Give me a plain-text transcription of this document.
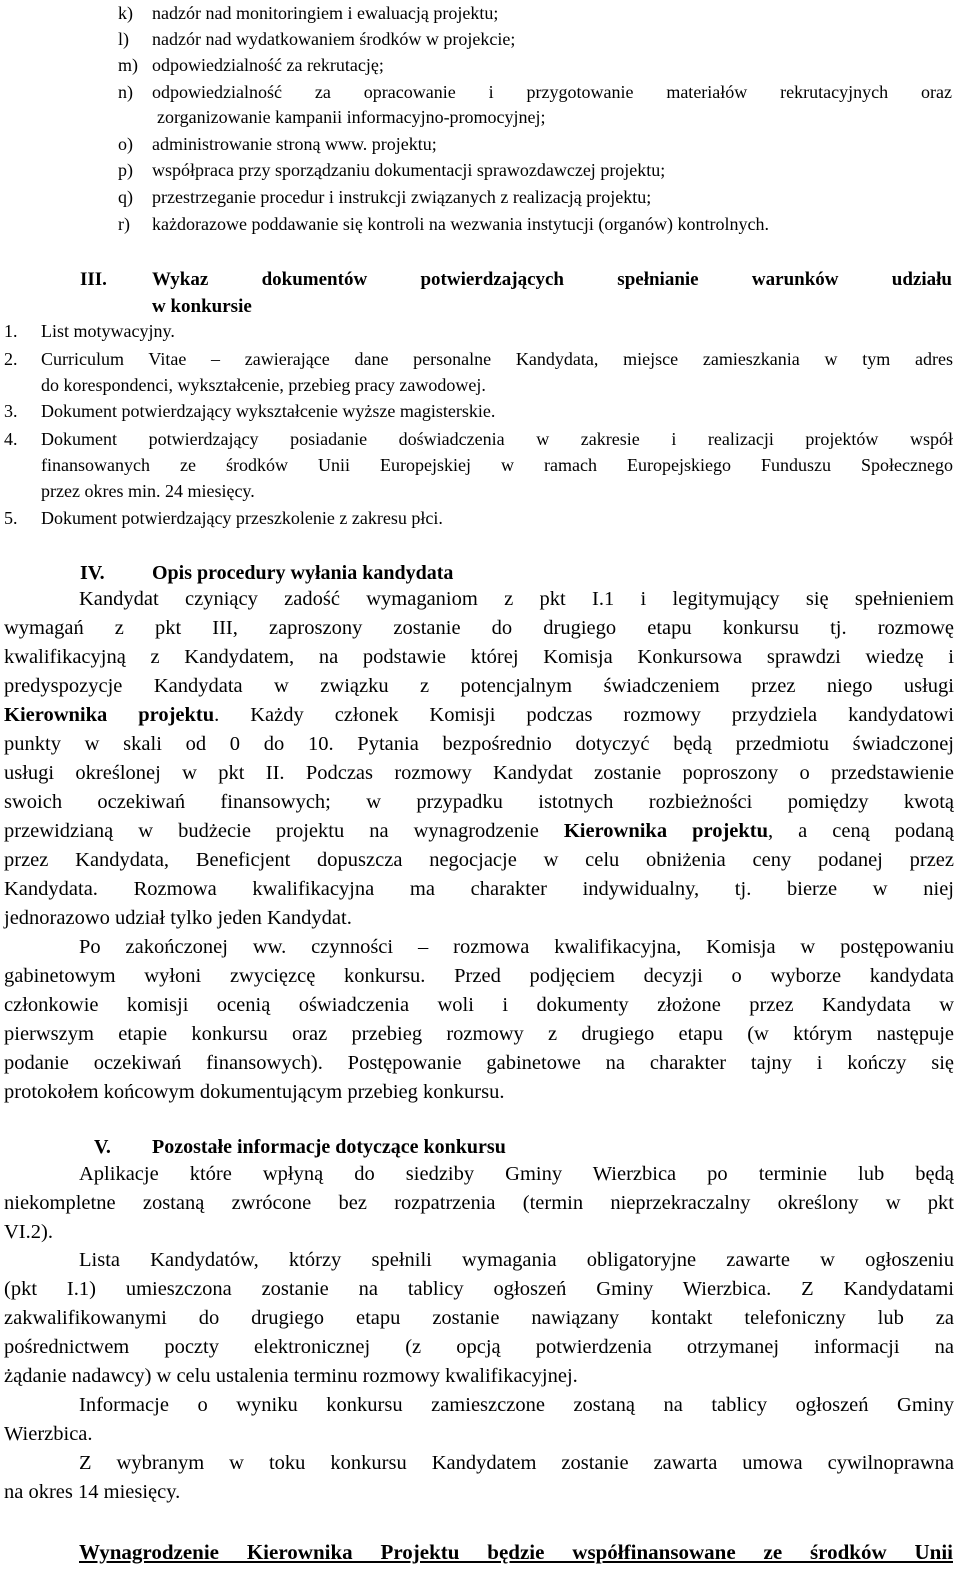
k) nadzór nad monitoringiem i ewaluacją projektu;
l) nadzór nad wydatkowaniem środków w projekcie;
m) odpowiedzialność za rekrutację;
n) odpowiedzialność za opracowanie i przygotowanie materiałów rekrutacyjnych oraz
zorganizowanie kampanii informacyjno-promocyjnej;
o) administrowanie stroną www. projektu;
p) współpraca przy sporządzaniu dokumentacji sprawozdawczej projektu;
q) przestrzeganie procedur i instrukcji związanych z realizacją projektu;
r) każdorazowe poddawanie się kontroli na wezwania instytucji (organów) kontrolnych.
III. Wykaz dokumentów potwierdzających spełnianie warunków udziału
w konkursie
1. List motywacyjny.
2. Curriculum Vitae – zawierające dane personalne Kandydata, miejsce zamieszkania w tym adres
do korespondenci, wykształcenie, przebieg pracy zawodowej.
3. Dokument potwierdzający wykształcenie wyższe magisterskie.
4. Dokument potwierdzający posiadanie doświadczenia w zakresie i realizacji projektów współ
finansowanych ze środków Unii Europejskiej w ramach Europejskiego Funduszu Społecznego
przez okres min. 24 miesięcy.
5. Dokument potwierdzający przeszkolenie z zakresu płci.
IV. Opis procedury wyłania kandydata
Kandydat czyniący zadość wymaganiom z pkt I.1 i legitymujący się spełnieniem
wymagań z pkt III, zaproszony zostanie do drugiego etapu konkursu tj. rozmowę
kwalifikacyjną z Kandydatem, na podstawie której Komisja Konkursowa sprawdzi wiedzę i
predyspozycje Kandydata w związku z potencjalnym świadczeniem przez niego usługi
Kierownika projektu. Każdy członek Komisji podczas rozmowy przydziela kandydatowi
punkty w skali od 0 do 10. Pytania bezpośrednio dotyczyć będą przedmiotu świadczonej
usługi określonej w pkt II. Podczas rozmowy Kandydat zostanie poproszony o przedstawienie
swoich oczekiwań finansowych; w przypadku istotnych rozbieżności pomiędzy kwotą
przewidzianą w budżecie projektu na wynagrodzenie Kierownika projektu, a ceną podaną
przez Kandydata, Beneficjent dopuszcza negocjacje w celu obniżenia ceny podanej przez
Kandydata. Rozmowa kwalifikacyjna ma charakter indywidualny, tj. bierze w niej
jednorazowo udział tylko jeden Kandydat.
Po zakończonej ww. czynności – rozmowa kwalifikacyjna, Komisja w postępowaniu
gabinetowym wyłoni zwycięzcę konkursu. Przed podjęciem decyzji o wyborze kandydata
członkowie komisji ocenią oświadczenia woli i dokumenty złożone przez Kandydata w
pierwszym etapie konkursu oraz przebieg rozmowy z drugiego etapu (w którym następuje
podanie oczekiwań finansowych). Postępowanie gabinetowe na charakter tajny i kończy się
protokołem końcowym dokumentującym przebieg konkursu.
V. Pozostałe informacje dotyczące konkursu
Aplikacje które wpłyną do siedziby Gminy Wierzbica po terminie lub będą
niekompletne zostaną zwrócone bez rozpatrzenia (termin nieprzekraczalny określony w pkt
VI.2).
Lista Kandydatów, którzy spełnili wymagania obligatoryjne zawarte w ogłoszeniu
(pkt I.1) umieszczona zostanie na tablicy ogłoszeń Gminy Wierzbica. Z Kandydatami
zakwalifikowanymi do drugiego etapu zostanie nawiązany kontakt telefoniczny lub za
pośrednictwem poczty elektronicznej (z opcją potwierdzenia otrzymanej informacji na
żądanie nadawcy) w celu ustalenia terminu rozmowy kwalifikacyjnej.
Informacje o wyniku konkursu zamieszczone zostaną na tablicy ogłoszeń Gminy
Wierzbica.
Z wybranym w toku konkursu Kandydatem zostanie zawarta umowa cywilnoprawna
na okres 14 miesięcy.
Wynagrodzenie Kierownika Projektu będzie współfinansowane ze środków Unii
